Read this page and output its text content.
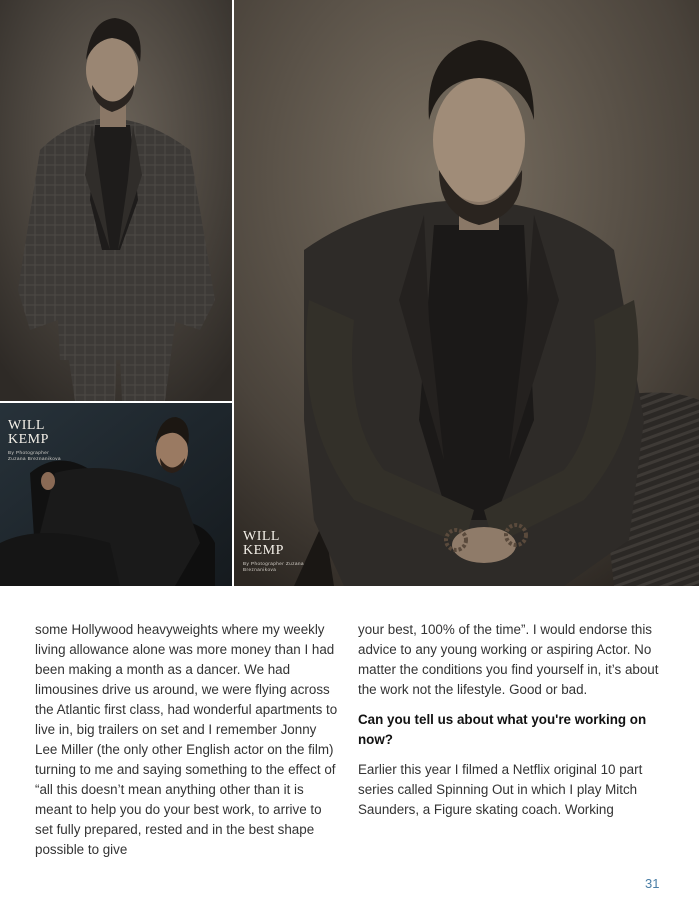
WILL
KEMP
By Photographer
Zuzana Breznanikova
WILL
KEMP
By Photographer Zuzana
Breznanikova

some Hollywood heavyweights where my weekly living allowance alone was more money than I had been making a month as a dancer. We had limousines drive us around, we were flying across the Atlantic first class, had wonderful apartments to live in, big trailers on set and I remember Jonny Lee Miller (the only other English actor on the film) turning to me and saying something to the effect of “all this doesn’t mean anything other than it is meant to help you do your best work, to arrive to set fully prepared, rested and in the best shape possible to give

your best, 100% of the time”. I would endorse this advice to any young working or aspiring Actor. No matter the conditions you find yourself in, it’s about the work not the lifestyle. Good or bad.

Can you tell us about what you're working on now?

Earlier this year I filmed a Netflix original 10 part series called Spinning Out in which I play Mitch Saunders, a Figure skating coach. Working

31
